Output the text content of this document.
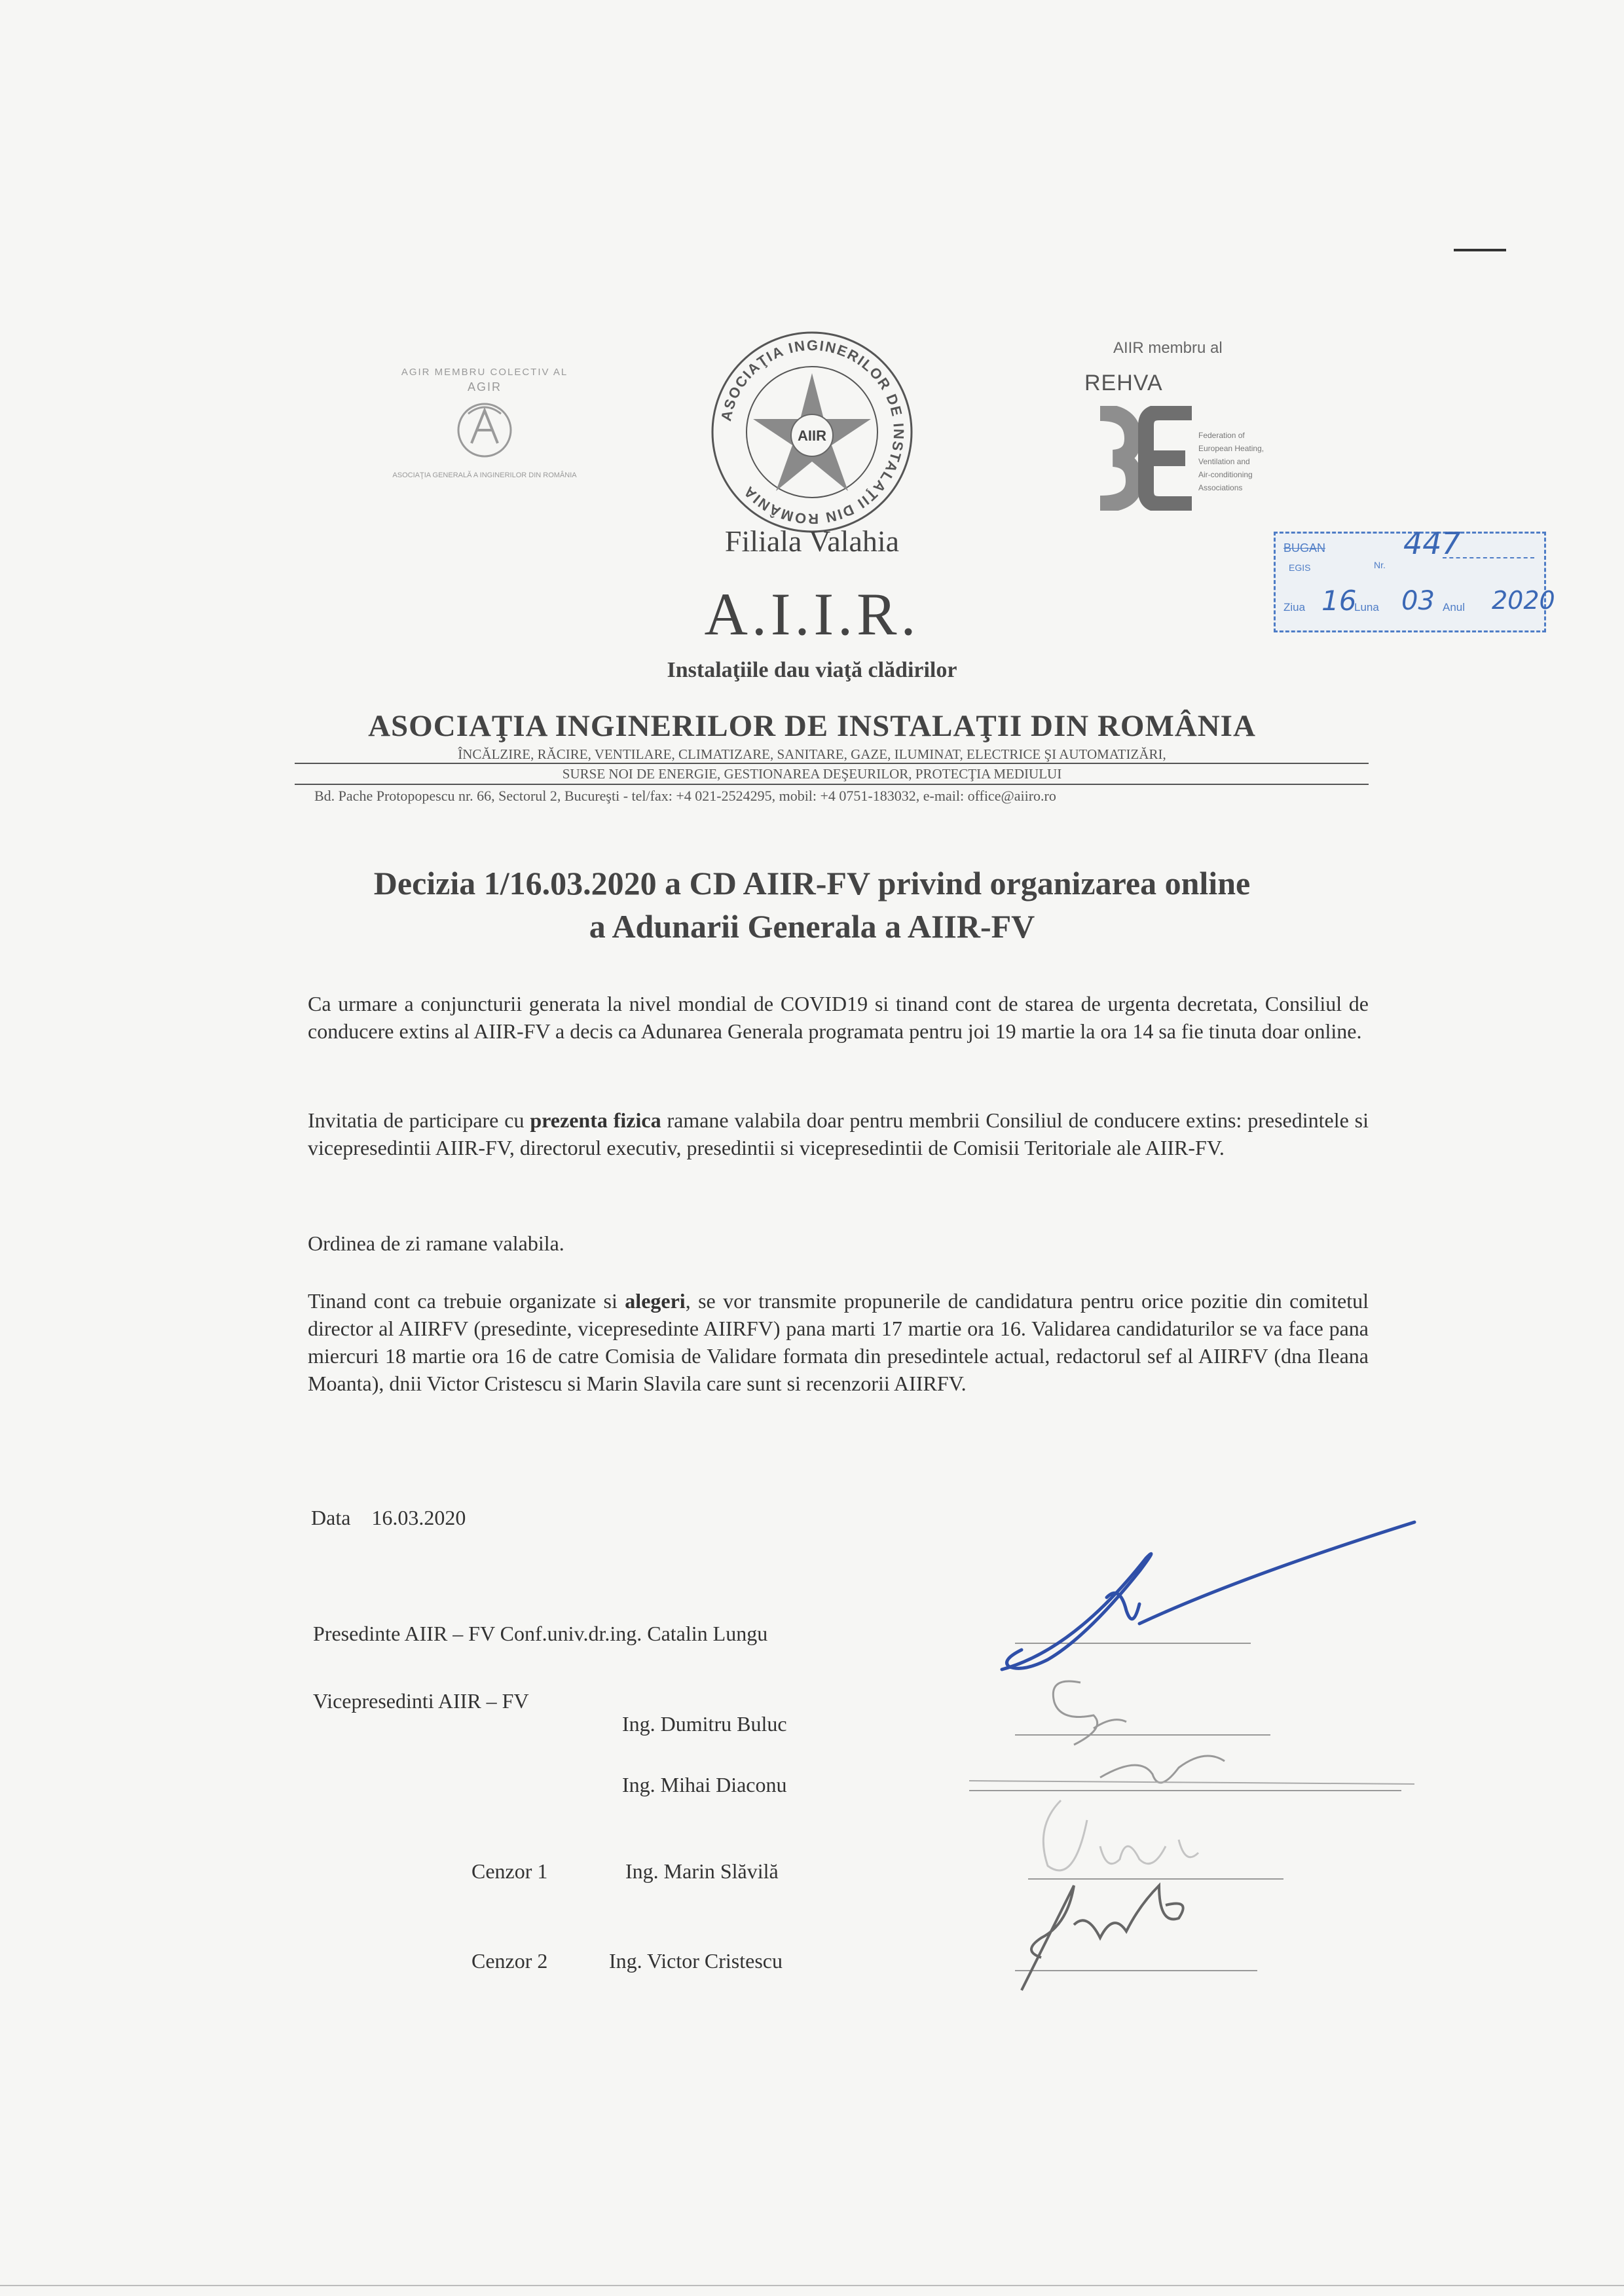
AGIR MEMBRU COLECTIV AL
AGIR
ASOCIAŢIA GENERALĂ A INGINERILOR DIN ROMÂNIA
ASOCIAŢIA INGINERILOR DE INSTALAŢII DIN ROMÂNIA
AIIR
Filiala Valahia
A.I.I.R.
Instalaţiile dau viaţă clădirilor
AIIR membru al
REHVA
Federation of
European Heating,
Ventilation and
Air-conditioning
Associations
BUGAN
EGIS	Nr.
447
Ziua 16
Luna 03 Anul 2020
ASOCIAŢIA INGINERILOR DE INSTALAŢII DIN ROMÂNIA
ÎNCĂLZIRE, RĂCIRE, VENTILARE, CLIMATIZARE, SANITARE, GAZE, ILUMINAT, ELECTRICE ŞI AUTOMATIZĂRI,
SURSE NOI DE ENERGIE, GESTIONAREA DEŞEURILOR, PROTECŢIA MEDIULUI
Bd. Pache Protopopescu nr. 66, Sectorul 2, Bucureşti - tel/fax: +4 021-2524295, mobil: +4 0751-183032, e-mail: office@aiiro.ro
Decizia 1/16.03.2020 a CD AIIR-FV privind organizarea online
a Adunarii Generala a AIIR-FV
Ca urmare a conjuncturii generata la nivel mondial de COVID19 si tinand cont de starea de urgenta decretata, Consiliul de conducere extins al AIIR-FV a decis ca Adunarea Generala programata pentru joi 19 martie la ora 14 sa fie tinuta doar online.
Invitatia de participare cu prezenta fizica ramane valabila doar pentru membrii Consiliul de conducere extins: presedintele si vicepresedintii AIIR-FV, directorul executiv, presedintii si vicepresedintii de Comisii Teritoriale ale AIIR-FV.
Ordinea de zi ramane valabila.
Tinand cont ca trebuie organizate si alegeri, se vor transmite propunerile de candidatura pentru orice pozitie din comitetul director al AIIRFV (presedinte, vicepresedinte AIIRFV) pana marti 17 martie ora 16. Validarea candidaturilor se va face pana miercuri 18 martie ora 16 de catre Comisia de Validare formata din presedintele actual, redactorul sef al AIIRFV (dna Ileana Moanta), dnii Victor Cristescu si Marin Slavila care sunt si recenzorii AIIRFV.
Data 16.03.2020
Presedinte AIIR – FV Conf.univ.dr.ing. Catalin Lungu
Vicepresedinti AIIR – FV
Ing. Dumitru Buluc
Ing. Mihai Diaconu
Cenzor 1	Ing. Marin Slăvilă
Cenzor 2	Ing. Victor Cristescu
